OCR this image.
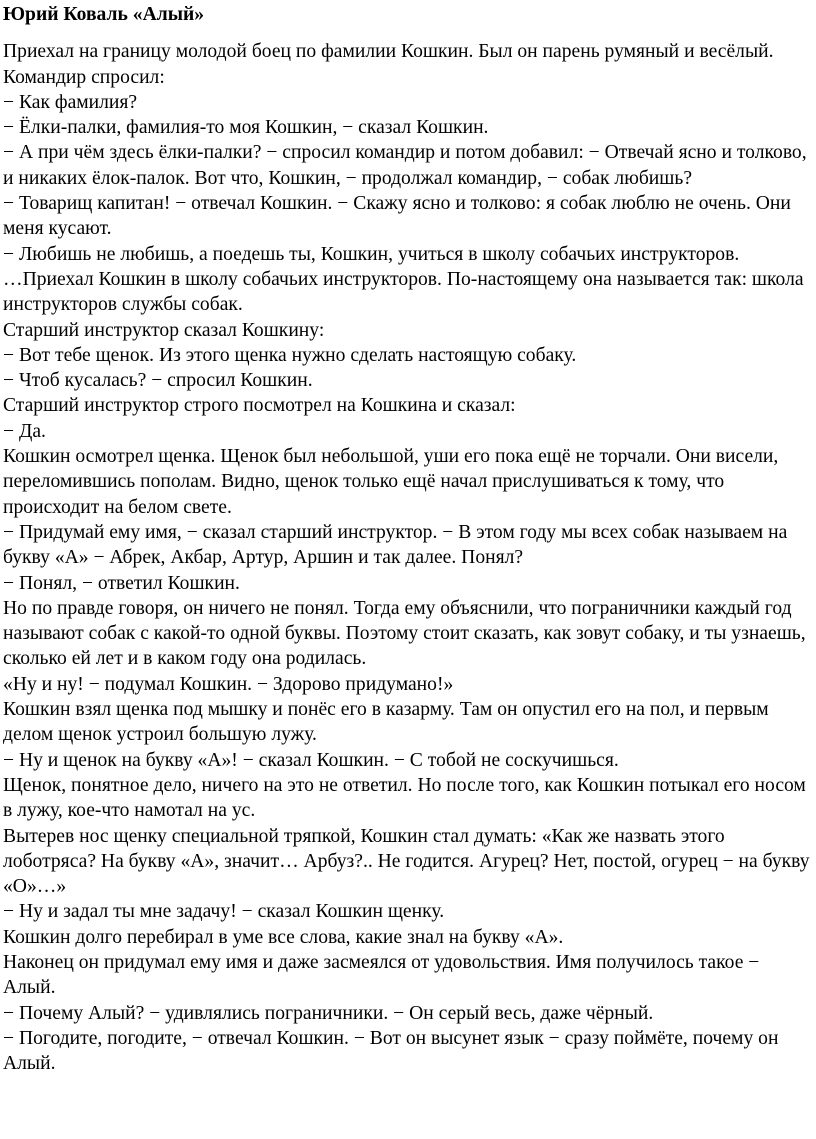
Юрий Коваль «Алый»
Приехал на границу молодой боец по фамилии Кошкин. Был он парень румяный и весёлый. Командир спросил:
− Как фамилия?
− Ёлки-палки, фамилия-то моя Кошкин, − сказал Кошкин.
− А при чём здесь ёлки-палки? − спросил командир и потом добавил: − Отвечай ясно и толково, и никаких ёлок-палок. Вот что, Кошкин, − продолжал командир, − собак любишь?
− Товарищ капитан! − отвечал Кошкин. − Скажу ясно и толково: я собак люблю не очень. Они меня кусают.
− Любишь не любишь, а поедешь ты, Кошкин, учиться в школу собачьих инструкторов.
…Приехал Кошкин в школу собачьих инструкторов. По-настоящему она называется так: школа инструкторов службы собак.
Старший инструктор сказал Кошкину:
− Вот тебе щенок. Из этого щенка нужно сделать настоящую собаку.
− Чтоб кусалась? − спросил Кошкин.
Старший инструктор строго посмотрел на Кошкина и сказал:
− Да.
Кошкин осмотрел щенка. Щенок был небольшой, уши его пока ещё не торчали. Они висели, переломившись пополам. Видно, щенок только ещё начал прислушиваться к тому, что происходит на белом свете.
− Придумай ему имя, − сказал старший инструктор. − В этом году мы всех собак называем на букву «А» − Абрек, Акбар, Артур, Аршин и так далее. Понял?
− Понял, − ответил Кошкин.
Но по правде говоря, он ничего не понял. Тогда ему объяснили, что пограничники каждый год называют собак с какой-то одной буквы. Поэтому стоит сказать, как зовут собаку, и ты узнаешь, сколько ей лет и в каком году она родилась.
«Ну и ну! − подумал Кошкин. − Здорово придумано!»
Кошкин взял щенка под мышку и понёс его в казарму. Там он опустил его на пол, и первым делом щенок устроил большую лужу.
− Ну и щенок на букву «А»! − сказал Кошкин. − С тобой не соскучишься.
Щенок, понятное дело, ничего на это не ответил. Но после того, как Кошкин потыкал его носом в лужу, кое-что намотал на ус.
Вытерев нос щенку специальной тряпкой, Кошкин стал думать: «Как же назвать этого лоботряса? На букву «А», значит… Арбуз?.. Не годится. Агурец? Нет, постой, огурец − на букву «О»…»
− Ну и задал ты мне задачу! − сказал Кошкин щенку.
Кошкин долго перебирал в уме все слова, какие знал на букву «А».
Наконец он придумал ему имя и даже засмеялся от удовольствия. Имя получилось такое − Алый.
− Почему Алый? − удивлялись пограничники. − Он серый весь, даже чёрный.
− Погодите, погодите, − отвечал Кошкин. − Вот он высунет язык − сразу поймёте, почему он Алый.
